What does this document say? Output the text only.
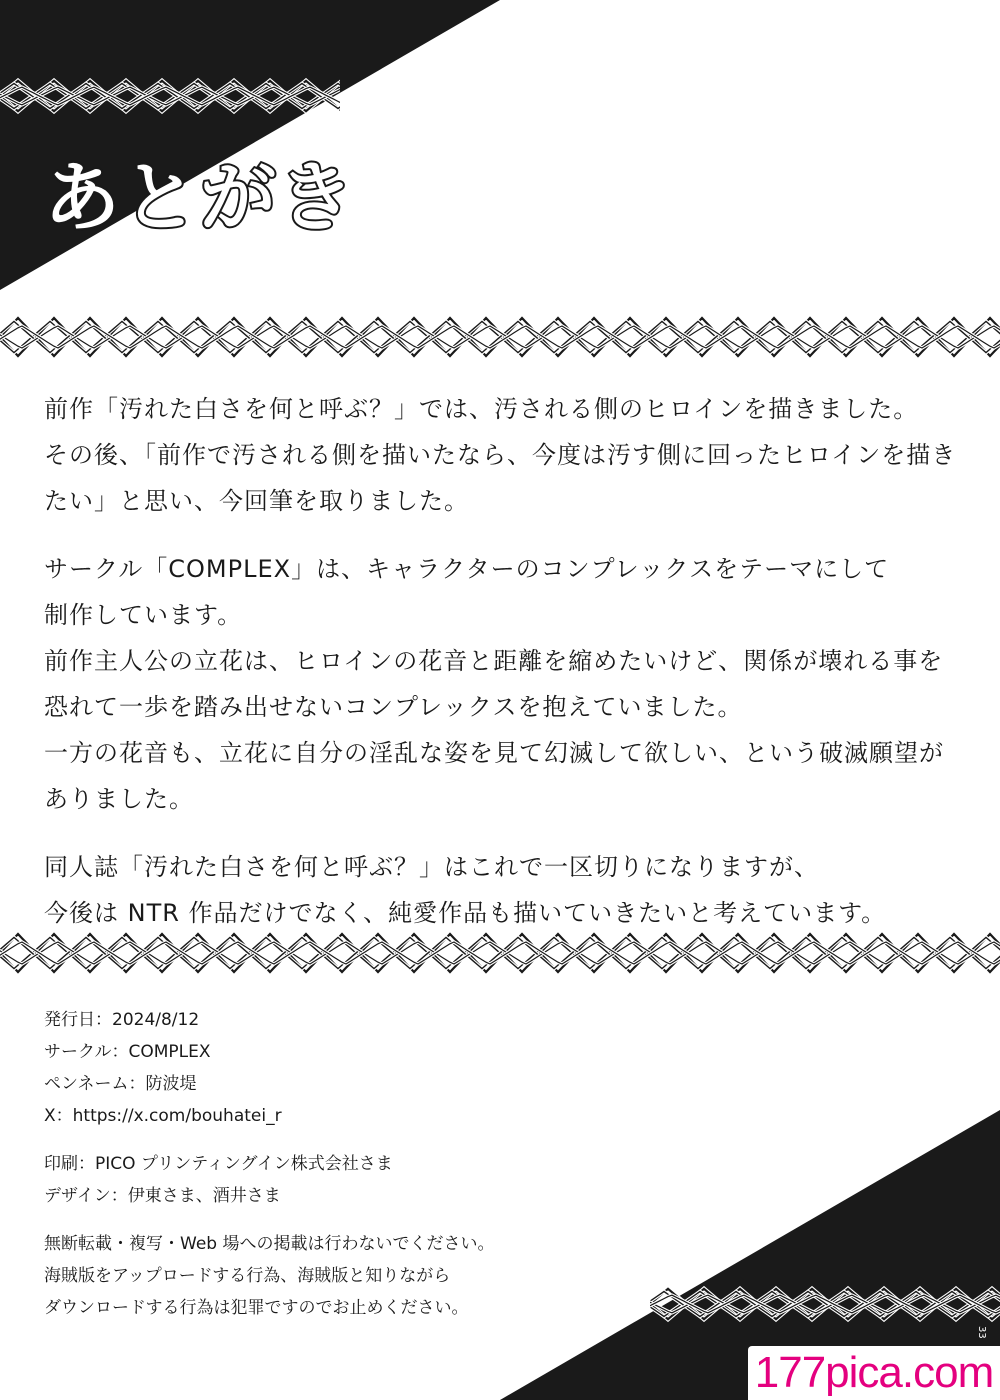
あとがき

前作「汚れた白さを何と呼ぶ？」では、汚される側のヒロインを描きました。
その後、「前作で汚される側を描いたなら、今度は汚す側に回ったヒロインを描き
たい」と思い、今回筆を取りました。

サークル「COMPLEX」は、キャラクターのコンプレックスをテーマにして
制作しています。
前作主人公の立花は、ヒロインの花音と距離を縮めたいけど、関係が壊れる事を
恐れて一歩を踏み出せないコンプレックスを抱えていました。
一方の花音も、立花に自分の淫乱な姿を見て幻滅して欲しい、という破滅願望が
ありました。

同人誌「汚れた白さを何と呼ぶ？」はこれで一区切りになりますが、
今後は NTR 作品だけでなく、純愛作品も描いていきたいと考えています。

発行日：2024/8/12
サークル：COMPLEX
ペンネーム：防波堤
X：https://x.com/bouhatei_r
印刷：PICO プリンティングイン株式会社さま
デザイン：伊東さま、酒井さま
無断転載・複写・Web 場への掲載は行わないでください。
海賊版をアップロードする行為、海賊版と知りながら
ダウンロードする行為は犯罪ですのでお止めください。
33
177pica.com
